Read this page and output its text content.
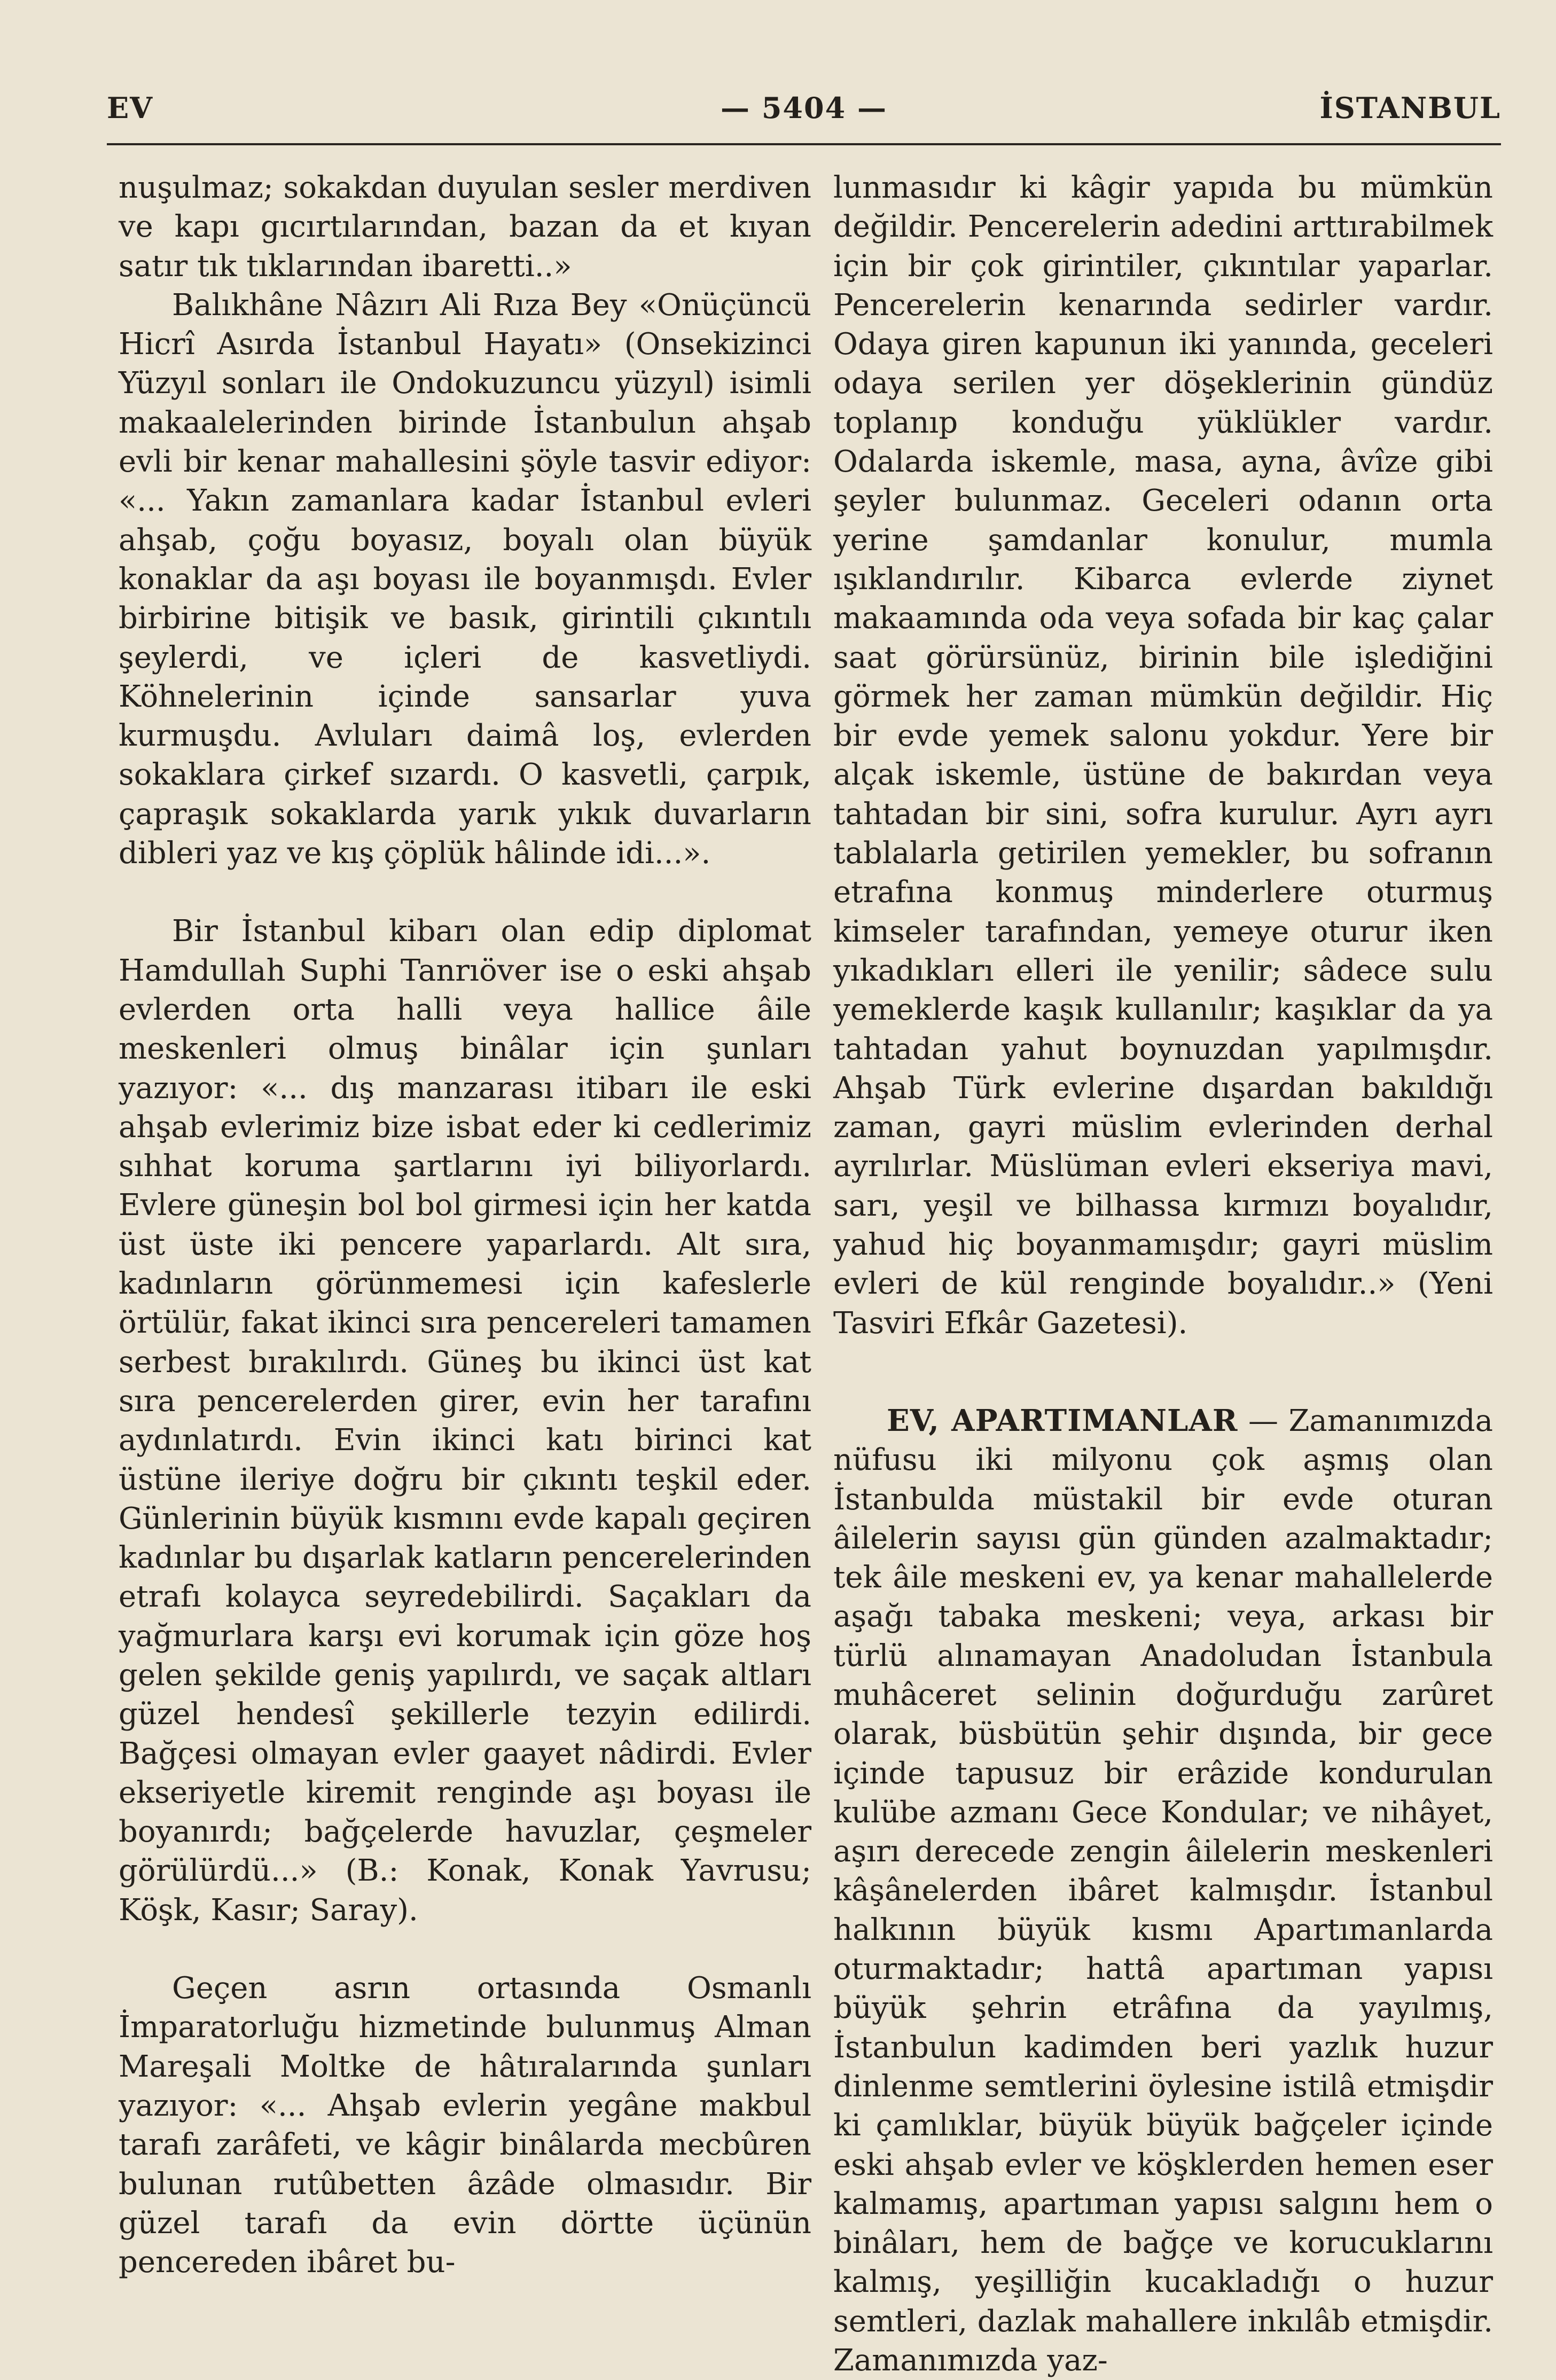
EV	— 5404 —	İSTANBUL

nuşulmaz; sokakdan duyulan sesler merdiven ve kapı gıcırtılarından, bazan da et kıyan satır tık tıklarından ibaretti..»

Balıkhâne Nâzırı Ali Rıza Bey «Onüçüncü Hicrî Asırda İstanbul Hayatı» (Onsekizinci Yüzyıl sonları ile Ondokuzuncu yüzyıl) isimli makaalelerinden birinde İstanbulun ahşab evli bir kenar mahallesini şöyle tasvir ediyor: «... Yakın zamanlara kadar İstanbul evleri ahşab, çoğu boyasız, boyalı olan büyük konaklar da aşı boyası ile boyanmışdı. Evler birbirine bitişik ve basık, girintili çıkıntılı şeylerdi, ve içleri de kasvetliydi. Köhnelerinin içinde sansarlar yuva kurmuşdu. Avluları daimâ loş, evlerden sokaklara çirkef sızardı. O kasvetli, çarpık, çapraşık sokaklarda yarık yıkık duvarların dibleri yaz ve kış çöplük hâlinde idi...».

Bir İstanbul kibarı olan edip diplomat Hamdullah Suphi Tanrıöver ise o eski ahşab evlerden orta halli veya hallice âile meskenleri olmuş binâlar için şunları yazıyor: «... dış manzarası itibarı ile eski ahşab evlerimiz bize isbat eder ki cedlerimiz sıhhat koruma şartlarını iyi biliyorlardı. Evlere güneşin bol bol girmesi için her katda üst üste iki pencere yaparlardı. Alt sıra, kadınların görünmemesi için kafeslerle örtülür, fakat ikinci sıra pencereleri tamamen serbest bırakılırdı. Güneş bu ikinci üst kat sıra pencerelerden girer, evin her tarafını aydınlatırdı. Evin ikinci katı birinci kat üstüne ileriye doğru bir çıkıntı teşkil eder. Günlerinin büyük kısmını evde kapalı geçiren kadınlar bu dışarlak katların pencerelerinden etrafı kolayca seyredebilirdi. Saçakları da yağmurlara karşı evi korumak için göze hoş gelen şekilde geniş yapılırdı, ve saçak altları güzel hendesî şekillerle tezyin edilirdi. Bağçesi olmayan evler gaayet nâdirdi. Evler ekseriyetle kiremit renginde aşı boyası ile boyanırdı; bağçelerde havuzlar, çeşmeler görülürdü...» (B.: Konak, Konak Yavrusu; Köşk, Kasır; Saray).

Geçen asrın ortasında Osmanlı İmparatorluğu hizmetinde bulunmuş Alman Mareşali Moltke de hâtıralarında şunları yazıyor: «... Ahşab evlerin yegâne makbul tarafı zarâfeti, ve kâgir binâlarda mecbûren bulunan rutûbetten âzâde olmasıdır. Bir güzel tarafı da evin dörtte üçünün pencereden ibâret bu-

lunmasıdır ki kâgir yapıda bu mümkün değildir. Pencerelerin adedini arttırabilmek için bir çok girintiler, çıkıntılar yaparlar. Pencerelerin kenarında sedirler vardır. Odaya giren kapunun iki yanında, geceleri odaya serilen yer döşeklerinin gündüz toplanıp konduğu yüklükler vardır. Odalarda iskemle, masa, ayna, âvîze gibi şeyler bulunmaz. Geceleri odanın orta yerine şamdanlar konulur, mumla ışıklandırılır. Kibarca evlerde ziynet makaamında oda veya sofada bir kaç çalar saat görürsünüz, birinin bile işlediğini görmek her zaman mümkün değildir. Hiç bir evde yemek salonu yokdur. Yere bir alçak iskemle, üstüne de bakırdan veya tahtadan bir sini, sofra kurulur. Ayrı ayrı tablalarla getirilen yemekler, bu sofranın etrafına konmuş minderlere oturmuş kimseler tarafından, yemeye oturur iken yıkadıkları elleri ile yenilir; sâdece sulu yemeklerde kaşık kullanılır; kaşıklar da ya tahtadan yahut boynuzdan yapılmışdır. Ahşab Türk evlerine dışardan bakıldığı zaman, gayri müslim evlerinden derhal ayrılırlar. Müslüman evleri ekseriya mavi, sarı, yeşil ve bilhassa kırmızı boyalıdır, yahud hiç boyanmamışdır; gayri müslim evleri de kül renginde boyalıdır..» (Yeni Tasviri Efkâr Gazetesi).

EV, APARTIMANLAR — Zamanımızda nüfusu iki milyonu çok aşmış olan İstanbulda müstakil bir evde oturan âilelerin sayısı gün günden azalmaktadır; tek âile meskeni ev, ya kenar mahallelerde aşağı tabaka meskeni; veya, arkası bir türlü alınamayan Anadoludan İstanbula muhâceret selinin doğurduğu zarûret olarak, büsbütün şehir dışında, bir gece içinde tapusuz bir erâzide kondurulan kulübe azmanı Gece Kondular; ve nihâyet, aşırı derecede zengin âilelerin meskenleri kâşânelerden ibâret kalmışdır. İstanbul halkının büyük kısmı Apartımanlarda oturmaktadır; hattâ apartıman yapısı büyük şehrin etrâfına da yayılmış, İstanbulun kadimden beri yazlık huzur dinlenme semtlerini öylesine istilâ etmişdir ki çamlıklar, büyük büyük bağçeler içinde eski ahşab evler ve köşklerden hemen eser kalmamış, apartıman yapısı salgını hem o binâları, hem de bağçe ve korucuklarını kalmış, yeşilliğin kucakladığı o huzur semtleri, dazlak mahallere inkılâb etmişdir. Zamanımızda yaz-
